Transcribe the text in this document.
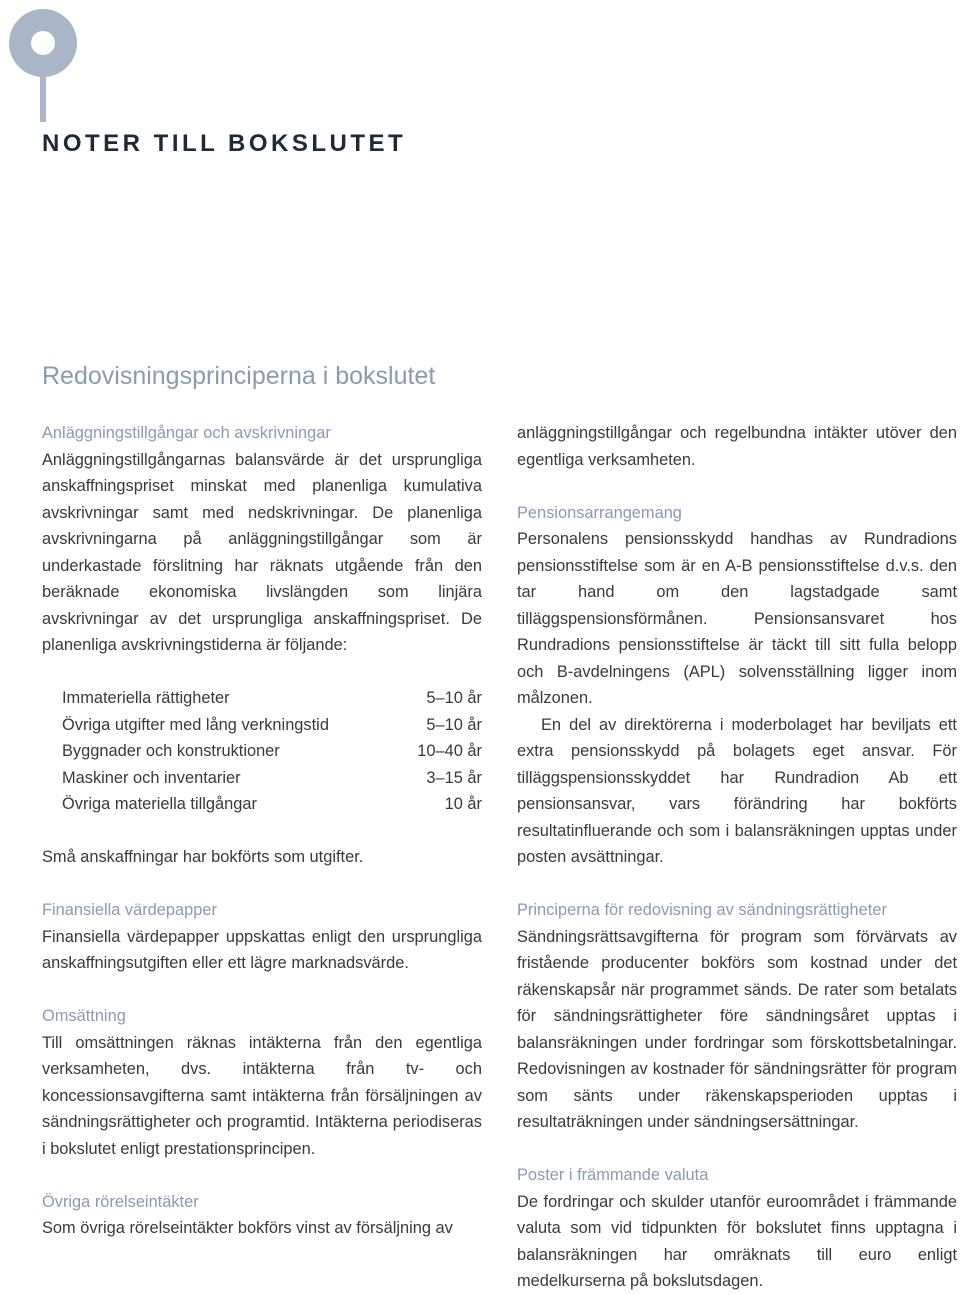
NOTER TILL BOKSLUTET
Redovisningsprinciperna i bokslutet
Anläggningstillgångar och avskrivningar

Anläggningstillgångarnas balansvärde är det ursprungliga anskaffningspriset minskat med planenliga kumulativa avskrivningar samt med nedskrivningar. De planenliga avskrivningarna på anläggningstillgångar som är underkastade förslitning har räknats utgående från den beräknade ekonomiska livslängden som linjära avskrivningar av det ursprungliga anskaffningspriset. De planenliga avskrivningstiderna är följande:

Immateriella rättigheter	5–10 år
Övriga utgifter med lång verkningstid	5–10 år
Byggnader och konstruktioner	10–40 år
Maskiner och inventarier	3–15 år
Övriga materiella tillgångar	10 år

Små anskaffningar har bokförts som utgifter.

Finansiella värdepapper

Finansiella värdepapper uppskattas enligt den ursprungliga anskaffningsutgiften eller ett lägre marknadsvärde.

Omsättning

Till omsättningen räknas intäkterna från den egentliga verksamheten, dvs. intäkterna från tv- och koncessionsavgifterna samt intäkterna från försäljningen av sändningsrättigheter och programtid. Intäkterna periodiseras i bokslutet enligt prestationsprincipen.

Övriga rörelseintäkter

Som övriga rörelseintäkter bokförs vinst av försäljning av

anläggningstillgångar och regelbundna intäkter utöver den egentliga verksamheten.

Pensionsarrangemang

Personalens pensionsskydd handhas av Rundradions pensionsstiftelse som är en A-B pensionsstiftelse d.v.s. den tar hand om den lagstadgade samt tilläggspensionsförmånen. Pensionsansvaret hos Rundradions pensionsstiftelse är täckt till sitt fulla belopp och B-avdelningens (APL) solvensställning ligger inom målzonen.

En del av direktörerna i moderbolaget har beviljats ett extra pensionsskydd på bolagets eget ansvar. För tilläggspensionsskyddet har Rundradion Ab ett pensionsansvar, vars förändring har bokförts resultatinfluerande och som i balansräkningen upptas under posten avsättningar.

Principerna för redovisning av sändningsrättigheter

Sändningsrättsavgifterna för program som förvärvats av fristående producenter bokförs som kostnad under det räkenskapsår när programmet sänds. De rater som betalats för sändningsrättigheter före sändningsåret upptas i balansräkningen under fordringar som förskottsbetalningar. Redovisningen av kostnader för sändningsrätter för program som sänts under räkenskapsperioden upptas i resultaträkningen under sändningsersättningar.

Poster i främmande valuta

De fordringar och skulder utanför euroområdet i främmande valuta som vid tidpunkten för bokslutet finns upptagna i balansräkningen har omräknats till euro enligt medelkurserna på bokslutsdagen.
